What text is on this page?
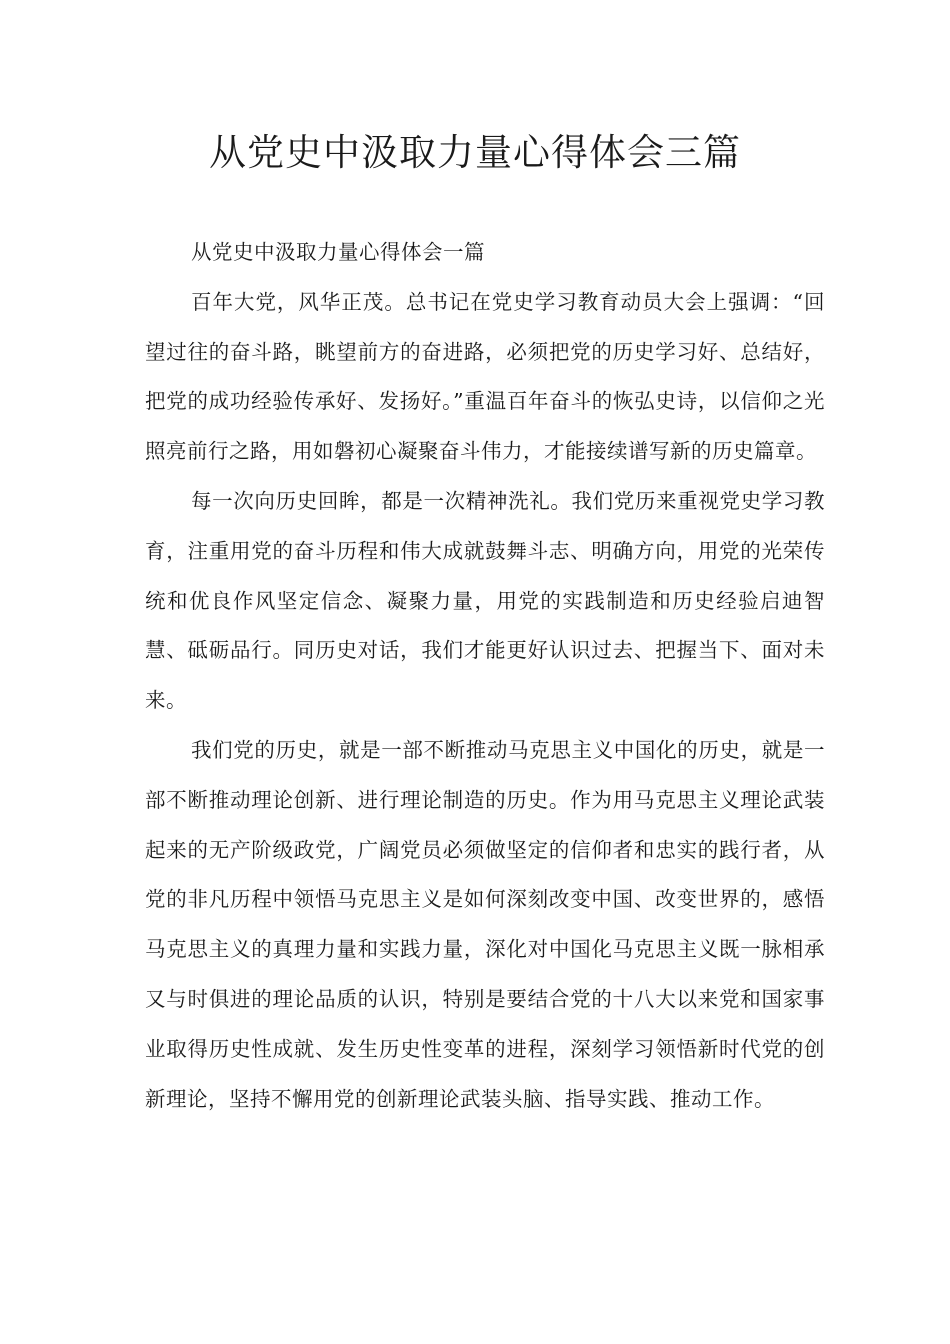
从党史中汲取力量心得体会三篇

从党史中汲取力量心得体会一篇

百年大党，风华正茂。总书记在党史学习教育动员大会上强调：“回望过往的奋斗路，眺望前方的奋进路，必须把党的历史学习好、总结好，把党的成功经验传承好、发扬好。”重温百年奋斗的恢弘史诗，以信仰之光照亮前行之路，用如磐初心凝聚奋斗伟力，才能接续谱写新的历史篇章。

每一次向历史回眸，都是一次精神洗礼。我们党历来重视党史学习教育，注重用党的奋斗历程和伟大成就鼓舞斗志、明确方向，用党的光荣传统和优良作风坚定信念、凝聚力量，用党的实践制造和历史经验启迪智慧、砥砺品行。同历史对话，我们才能更好认识过去、把握当下、面对未来。

我们党的历史，就是一部不断推动马克思主义中国化的历史，就是一部不断推动理论创新、进行理论制造的历史。作为用马克思主义理论武装起来的无产阶级政党，广阔党员必须做坚定的信仰者和忠实的践行者，从党的非凡历程中领悟马克思主义是如何深刻改变中国、改变世界的，感悟马克思主义的真理力量和实践力量，深化对中国化马克思主义既一脉相承又与时俱进的理论品质的认识，特别是要结合党的十八大以来党和国家事业取得历史性成就、发生历史性变革的进程，深刻学习领悟新时代党的创新理论，坚持不懈用党的创新理论武装头脑、指导实践、推动工作。
